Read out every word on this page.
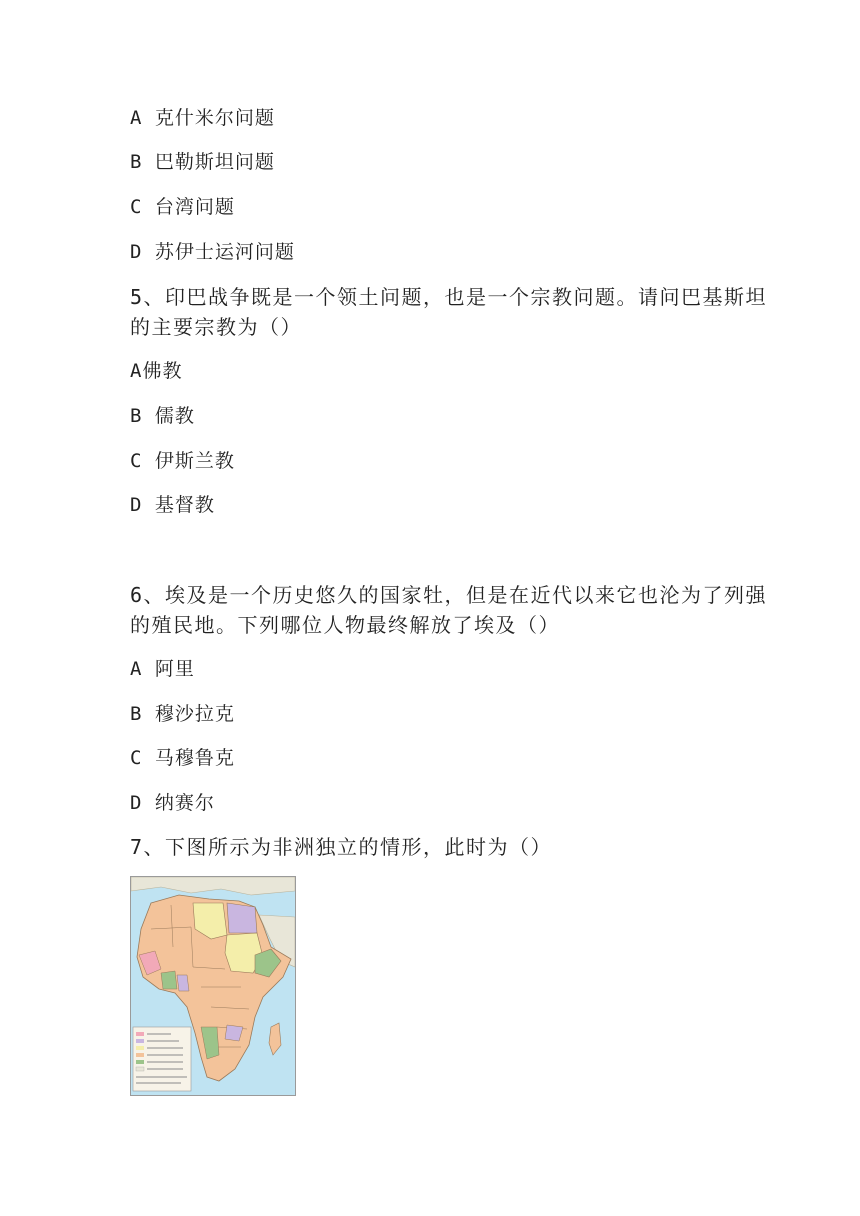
A 克什米尔问题
B 巴勒斯坦问题
C 台湾问题
D 苏伊士运河问题
5、印巴战争既是一个领土问题，也是一个宗教问题。请问巴基斯坦
的主要宗教为（）
A佛教
B 儒教
C 伊斯兰教
D 基督教
6、埃及是一个历史悠久的国家牡，但是在近代以来它也沦为了列强
的殖民地。下列哪位人物最终解放了埃及（）
A 阿里
B 穆沙拉克
C 马穆鲁克
D 纳赛尔
7、下图所示为非洲独立的情形，此时为（）
